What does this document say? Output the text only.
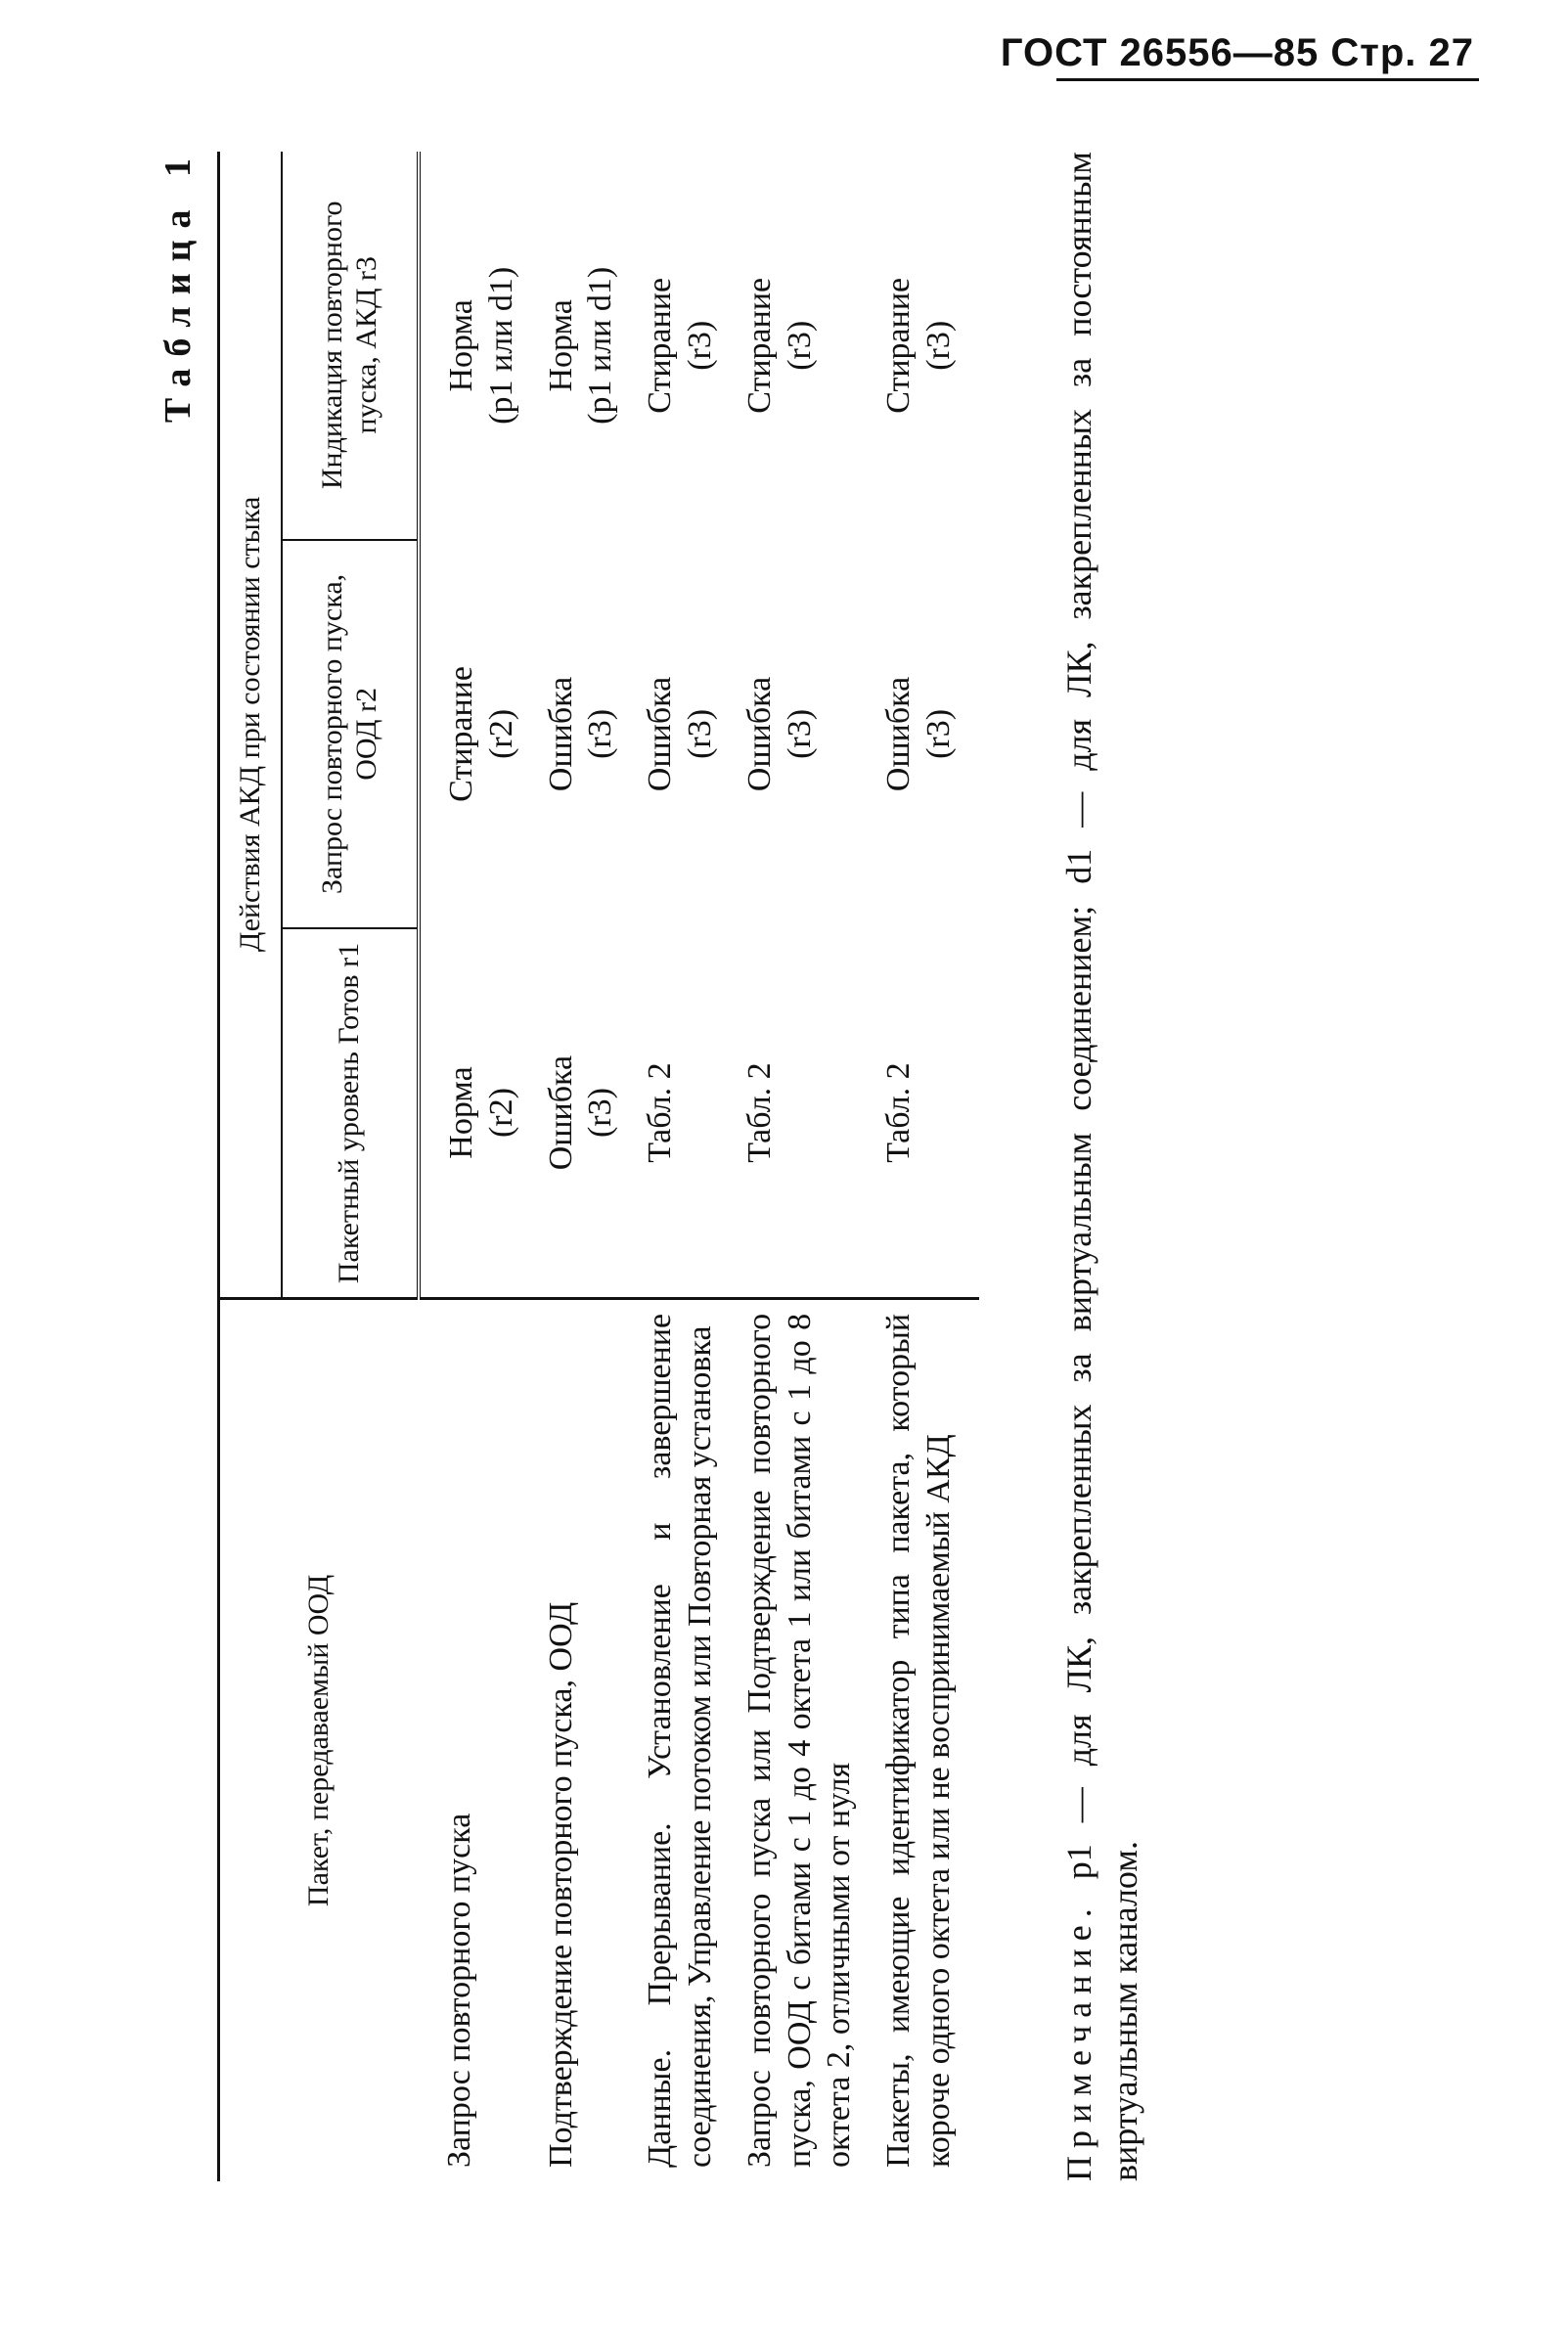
ГОСТ 26556—85 Стр. 27
Таблица 1
Пакет, передаваемый ООД	Действия АКД при состоянии стыка		
	Пакетный уровень Готов r1	Запрос повторного пуска, ООД r2	Индикация повторного пуска, АКД r3
Запрос повторного пуска	Норма (r2)	Стирание (r2)	Норма (p1 или d1)

Подтверждение повторного пуска, ООД	Ошибка (r3)	Ошибка (r3)	Норма (p1 или d1)

Данные. Прерывание. Установление и завершение соединения, Управление потоком или Повторная установка	Табл. 2	Ошибка (r3)	Стирание (r3)

Запрос повторного пуска или Подтверждение повторного пуска, ООД с битами с 1 до 4 октета 1 или битами с 1 до 8 октета 2, отличными от нуля	Табл. 2	Ошибка (r3)	Стирание (r3)

Пакеты, имеющие идентификатор типа пакета, который короче одного октета или не воспринимаемый АКД	Табл. 2	Ошибка (r3)	Стирание (r3)
Примечание. p1 — для ЛК, закрепленных за виртуальным соединением; d1 — для ЛК, закрепленных за постоянным виртуальным каналом.
